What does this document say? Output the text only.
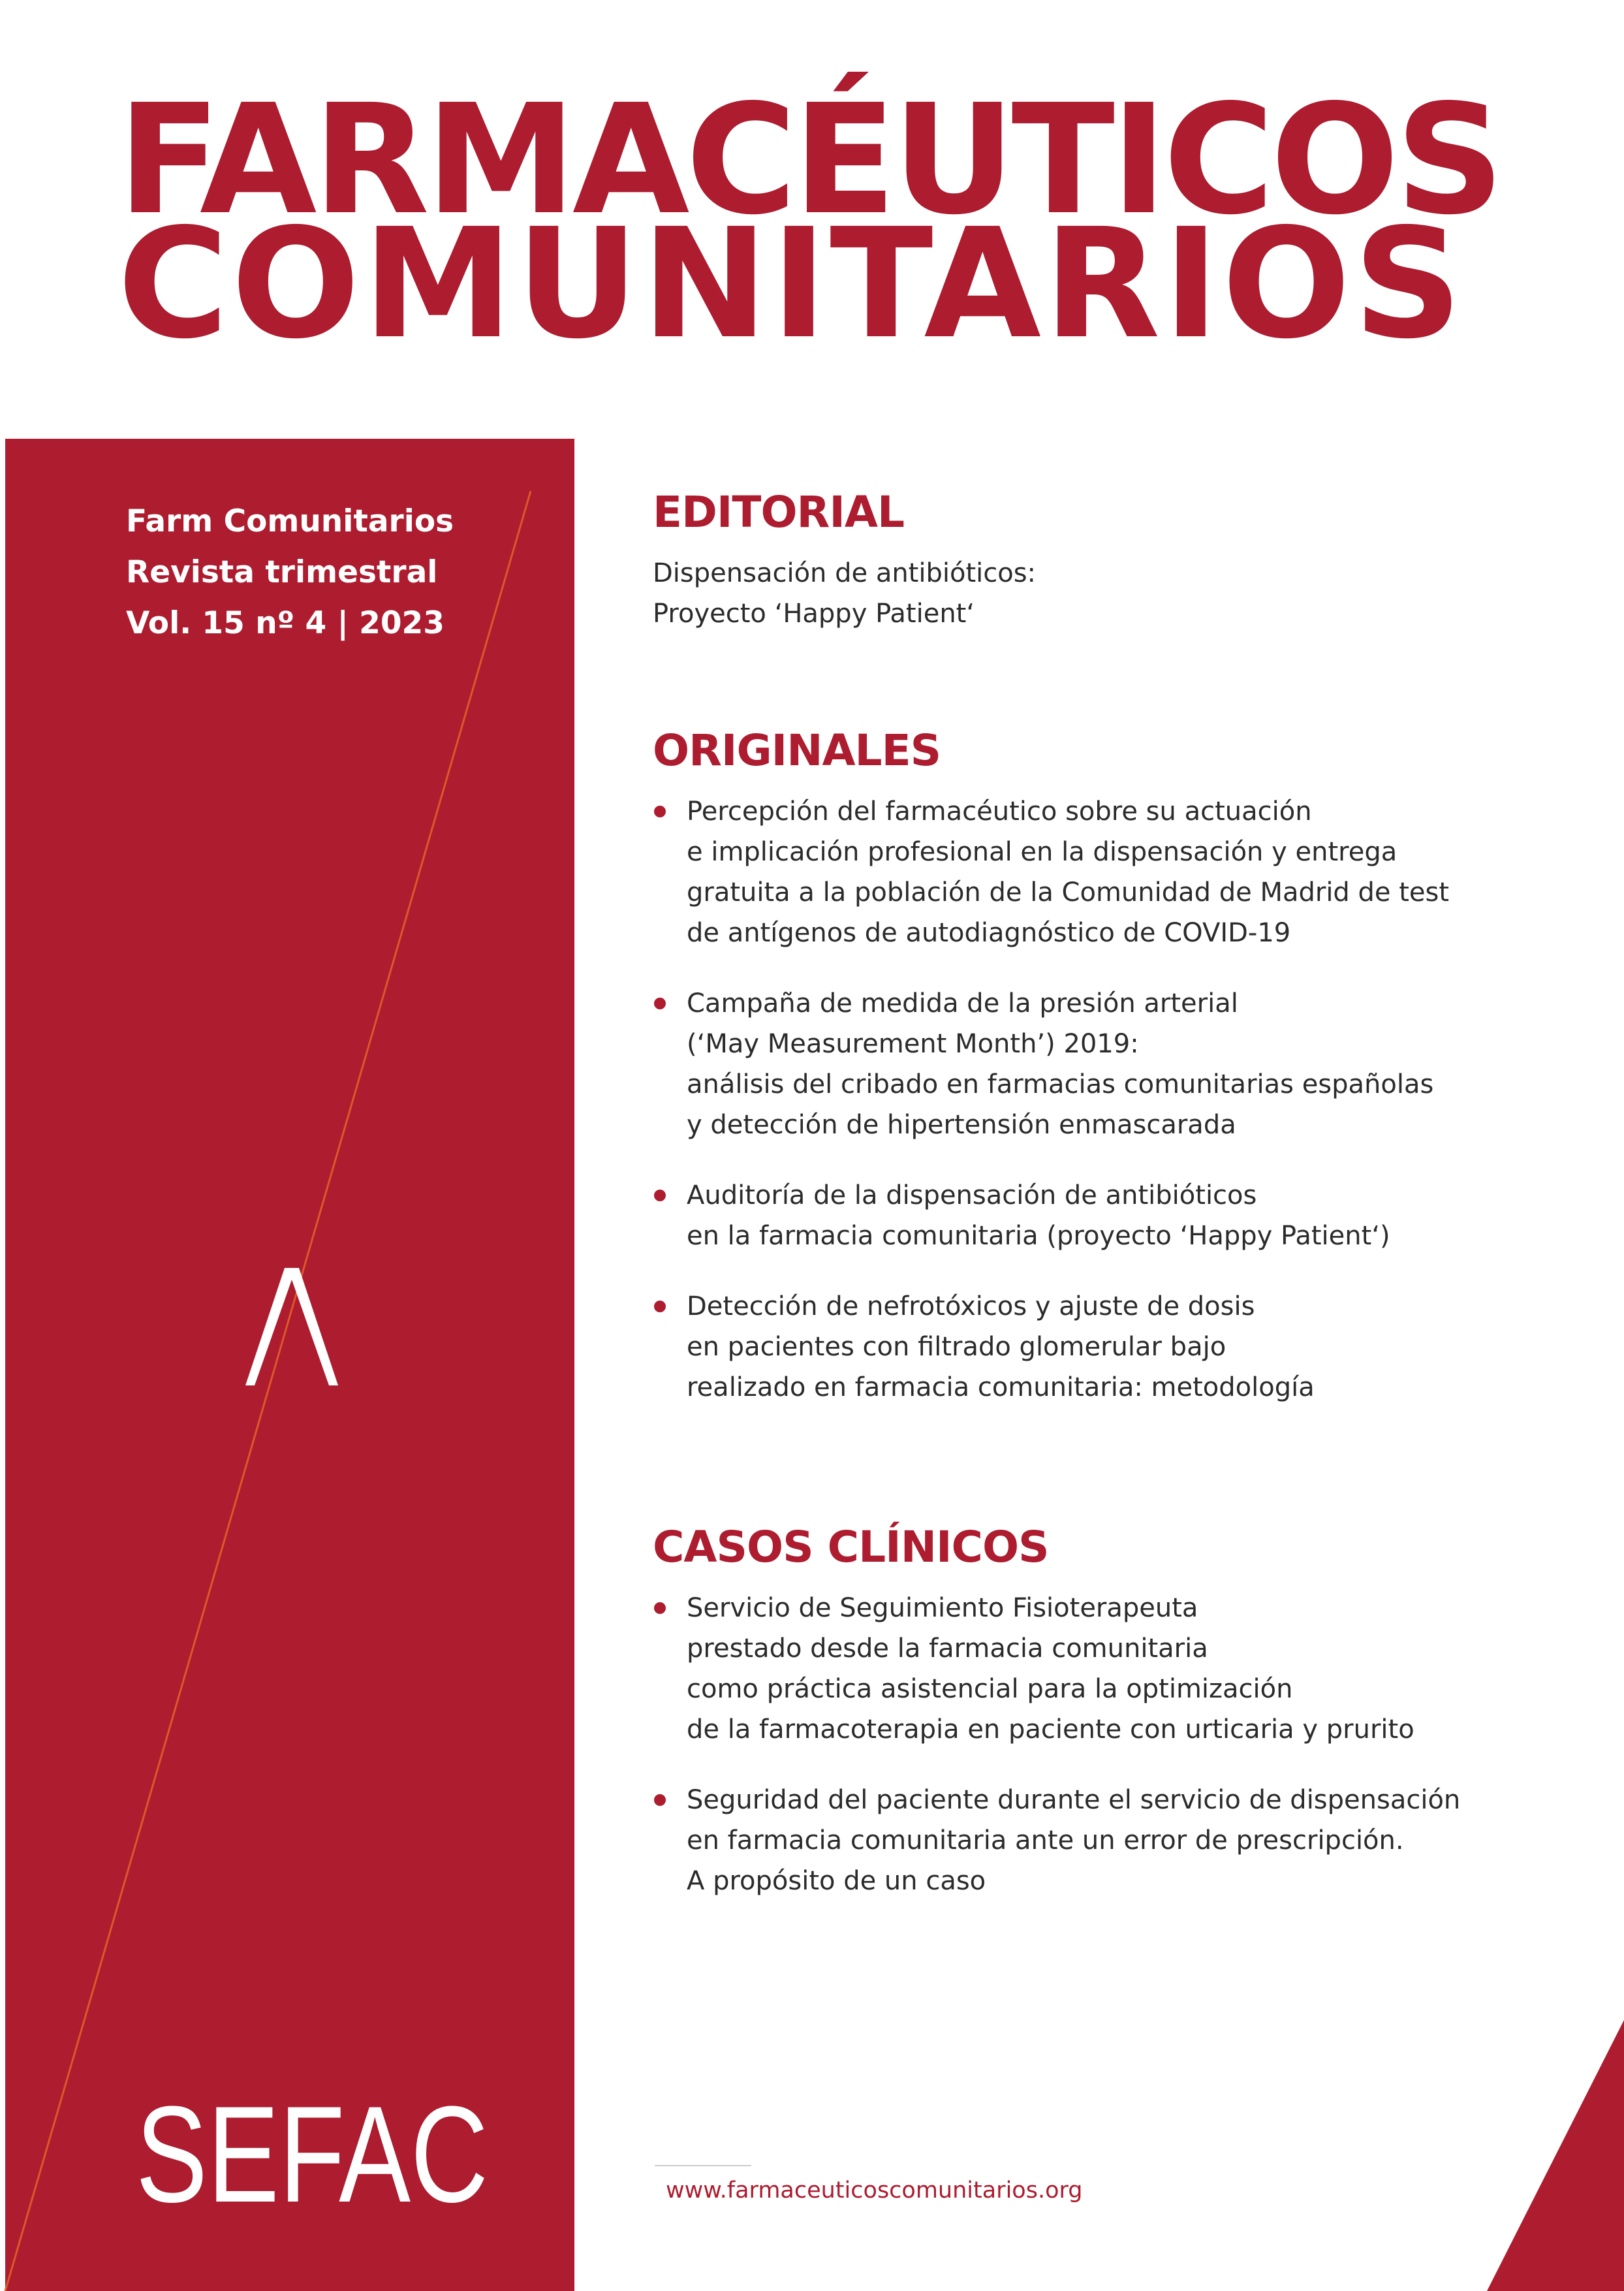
FARMACÉUTICOS
COMUNITARIOS
Farm Comunitarios
Revista trimestral
Vol. 15 nº 4 | 2023
SEFAC
EDITORIAL
Dispensación de antibióticos:
Proyecto ‘Happy Patient‘
ORIGINALES
Percepción del farmacéutico sobre su actuación
e implicación profesional en la dispensación y entrega
gratuita a la población de la Comunidad de Madrid de test
de antígenos de autodiagnóstico de COVID-19
Campaña de medida de la presión arterial
(‘May Measurement Month’) 2019:
análisis del cribado en farmacias comunitarias españolas
y detección de hipertensión enmascarada
Auditoría de la dispensación de antibióticos
en la farmacia comunitaria (proyecto ‘Happy Patient‘)
Detección de nefrotóxicos y ajuste de dosis
en pacientes con filtrado glomerular bajo
realizado en farmacia comunitaria: metodología
CASOS CLÍNICOS
Servicio de Seguimiento Fisioterapeuta
prestado desde la farmacia comunitaria
como práctica asistencial para la optimización
de la farmacoterapia en paciente con urticaria y prurito
Seguridad del paciente durante el servicio de dispensación
en farmacia comunitaria ante un error de prescripción.
A propósito de un caso
www.farmaceuticoscomunitarios.org
